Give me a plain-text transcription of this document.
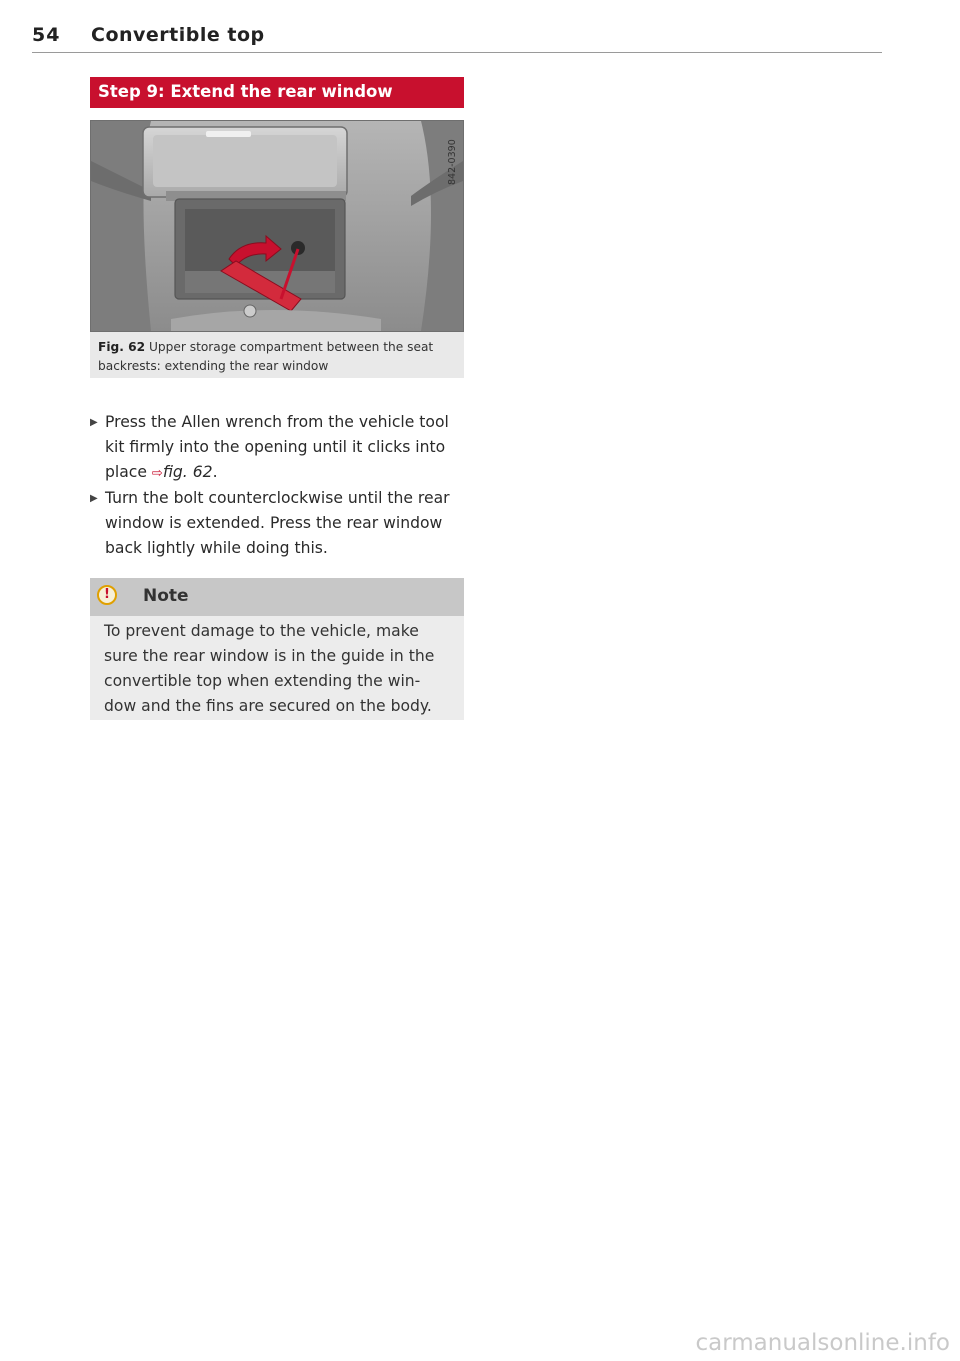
54 Convertible top
Step 9: Extend the rear window
842-0390
Fig. 62 Upper storage compartment between the seat backrests: extending the rear window

▶ Press the Allen wrench from the vehicle tool kit firmly into the opening until it clicks into place ⇨fig. 62.

▶ Turn the bolt counterclockwise until the rear window is extended. Press the rear window back lightly while doing this.

!	Note
To prevent damage to the vehicle, make sure the rear window is in the guide in the convertible top when extending the win- dow and the fins are secured on the body.
carmanualsonline.info
